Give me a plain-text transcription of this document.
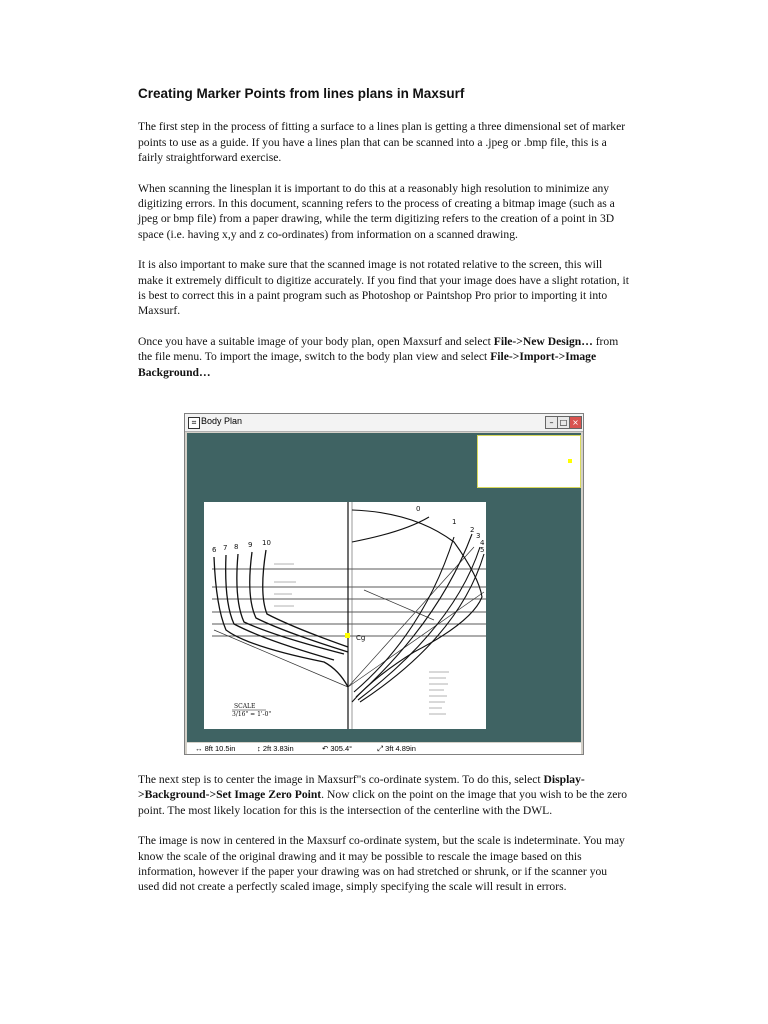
Creating Marker Points from lines plans in Maxsurf

The first step in the process of fitting a surface to a lines plan is getting a three dimensional set of marker points to use as a guide. If you have a lines plan that can be scanned into a .jpeg or .bmp file, this is a fairly straightforward exercise.

When scanning the linesplan it is important to do this at a reasonably high resolution to minimize any digitizing errors. In this document, scanning refers to the process of creating a bitmap image (such as a jpeg or bmp file) from a paper drawing, while the term digitizing refers to the creation of a point in 3D space (i.e. having x,y and z co-ordinates) from information on a scanned drawing.

It is also important to make sure that the scanned image is not rotated relative to the screen, this will make it extremely difficult to digitize accurately. If you find that your image does have a slight rotation, it is best to correct this in a paint program such as Photoshop or Paintshop Pro prior to importing it into Maxsurf.

Once you have a suitable image of your body plan, open Maxsurf and select File->New Design… from the file menu. To import the image, switch to the body plan view and select File->Import->Image Background…

⌗ Body Plan	– □ ×
6 7 8 9 10
0
1
2
3
4
5
Cg
SCALE
3/16" = 1'-0"
↔ 8ft 10.5in	↕ 2ft 3.83in	↶ 305.4°	⤢ 3ft 4.89in

The next step is to center the image in Maxsurf"s co-ordinate system. To do this, select Display->Background->Set Image Zero Point. Now click on the point on the image that you wish to be the zero point. The most likely location for this is the intersection of the centerline with the DWL.

The image is now in centered in the Maxsurf co-ordinate system, but the scale is indeterminate. You may know the scale of the original drawing and it may be possible to rescale the image based on this information, however if the paper your drawing was on had stretched or shrunk, or if the scanner you used did not create a perfectly scaled image, simply specifying the scale will result in errors.
